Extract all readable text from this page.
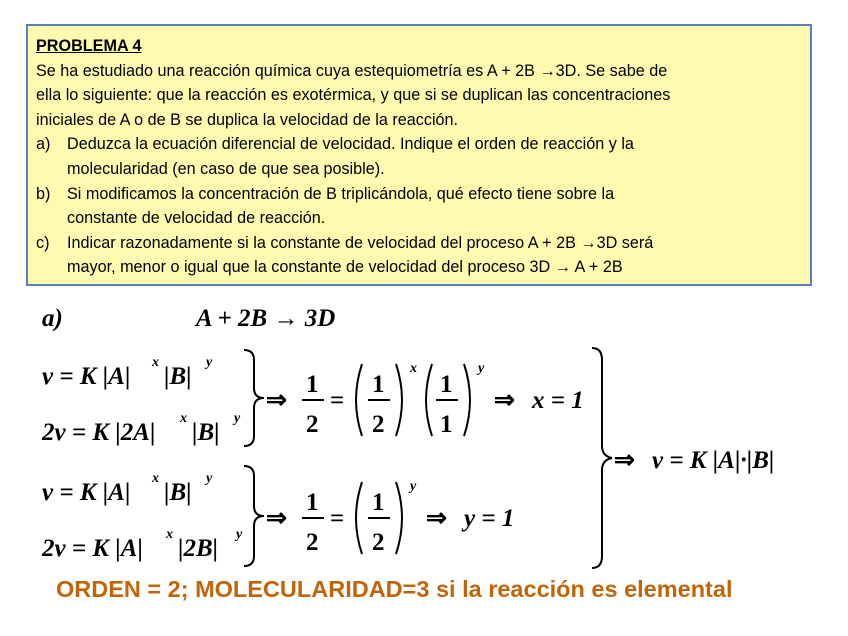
PROBLEMA 4
Se ha estudiado una reacción química cuya estequiometría es A + 2B →3D. Se sabe de
ella lo siguiente: que la reacción es exotérmica, y que si se duplican las concentraciones
iniciales de A o de B se duplica la velocidad de la reacción.
a) Deduzca la ecuación diferencial de velocidad. Indique el orden de reacción y la
molecularidad (en caso de que sea posible).
b) Si modificamos la concentración de B triplicándola, qué efecto tiene sobre la
constante de velocidad de reacción.
c) Indicar razonadamente si la constante de velocidad del proceso A + 2B →3D será
mayor, menor o igual que la constante de velocidad del proceso 3D → A + 2B
a)	A + 2B → 3D
v = K |A|
x
|B|
y
2v = K |2A|
x
|B|
y
⇒
1
2
=
1
2
x
1
1
y
⇒ x = 1
v = K |A|
x
|B|
y
2v = K |A|
x
|2B|
y
⇒
1
2
=
1
2
y
⇒ y = 1
⇒ v = K |A|·|B|
ORDEN = 2; MOLECULARIDAD=3 si la reacción es elemental
